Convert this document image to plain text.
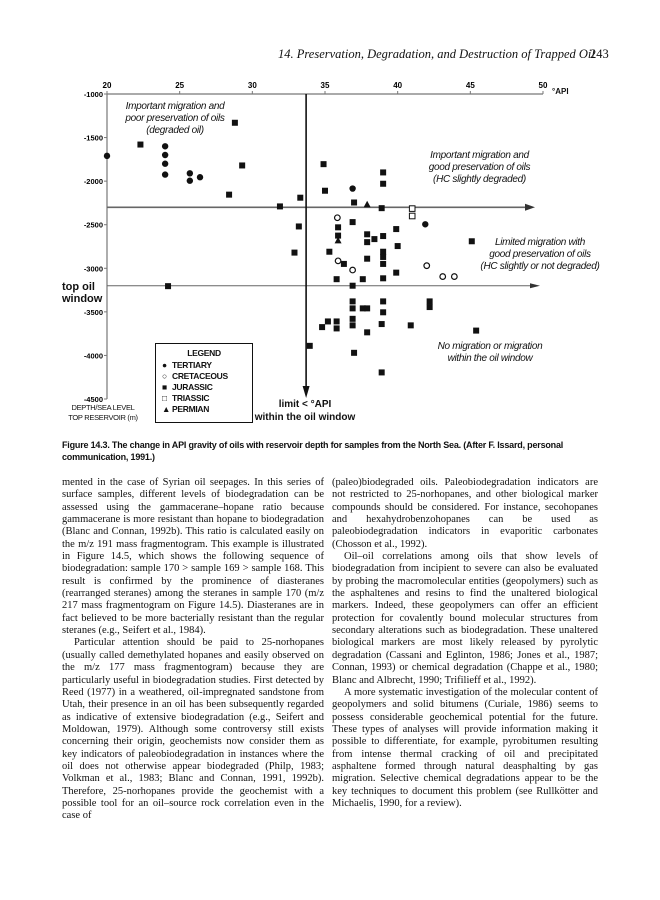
14. Preservation, Degradation, and Destruction of Trapped Oil
243
20	25	30	35	40	45	50
-1000
-1500
-2000
-2500
-3000
-3500
-4000
-4500
top oil
window
limit < °API
within the oil window
DEPTH/SEA LEVEL
TOP RESERVOIR (m)
°API
Important migration and
poor preservation of oils
(degraded oil)
Important migration and
good preservation of oils
(HC slightly degraded)
Limited migration with
good preservation of oils
(HC slightly or not degraded)
No migration or migration
within the oil window
LEGEND
● TERTIARY
○ CRETACEOUS
■ JURASSIC
□ TRIASSIC
▲ PERMIAN
Figure 14.3. The change in API gravity of oils with reservoir depth for samples from the North Sea. (After F. Issard, personal communication, 1991.)

mented in the case of Syrian oil seepages. In this series of surface samples, different levels of biodegradation can be assessed using the gammacerane–hopane ratio because gammacerane is more resistant than hopane to biodegradation (Blanc and Connan, 1992b). This ratio is calculated easily on the m/z 191 mass fragmentogram. This example is illustrated in Figure 14.5, which shows the following sequence of biodegradation: sample 170 > sample 169 > sample 168. This result is confirmed by the prominence of diasteranes (rearranged steranes) among the steranes in sample 170 (m/z 217 mass fragmentogram on Figure 14.5). Diasteranes are in fact believed to be more bacterially resistant than the regular steranes (e.g., Seifert et al., 1984).

Particular attention should be paid to 25-norhopanes (usually called demethylated hopanes and easily observed on the m/z 177 mass fragmentogram) because they are particularly useful in biodegradation studies. First detected by Reed (1977) in a weathered, oil-impregnated sandstone from Utah, their presence in an oil has been subsequently regarded as indicative of extensive biodegradation (e.g., Seifert and Moldowan, 1979). Although some controversy still exists concerning their origin, geochemists now consider them as key indicators of paleobiodegradation in instances where the oil does not otherwise appear biodegraded (Philp, 1983; Volkman et al., 1983; Blanc and Connan, 1991, 1992b). Therefore, 25-norhopanes provide the geochemist with a possible tool for an oil–source rock correlation even in the case of

(paleo)biodegraded oils. Paleobiodegradation indicators are not restricted to 25-norhopanes, and other biological marker compounds should be considered. For instance, secohopanes and hexahydrobenzohopanes can be used as paleobiodegradation indicators in evaporitic carbonates (Chosson et al., 1992).

Oil–oil correlations among oils that show levels of biodegradation from incipient to severe can also be evaluated by probing the macromolecular entities (geopolymers) such as the asphaltenes and resins to find the unaltered biological markers. Indeed, these geopolymers can offer an efficient protection for covalently bound molecular structures from secondary alterations such as biodegradation. These unaltered biological markers are most likely released by pyrolytic degradation (Cassani and Eglinton, 1986; Jones et al., 1987; Connan, 1993) or chemical degradation (Chappe et al., 1980; Blanc and Albrecht, 1990; Trifilieff et al., 1992).

A more systematic investigation of the molecular content of geopolymers and solid bitumens (Curiale, 1986) seems to possess considerable geochemical potential for the future. These types of analyses will provide information making it possible to differentiate, for example, pyrobitumen resulting from intense thermal cracking of oil and precipitated asphaltene formed through natural deasphalting by gas migration. Selective chemical degradations appear to be the key techniques to document this problem (see Rullkötter and Michaelis, 1990, for a review).
